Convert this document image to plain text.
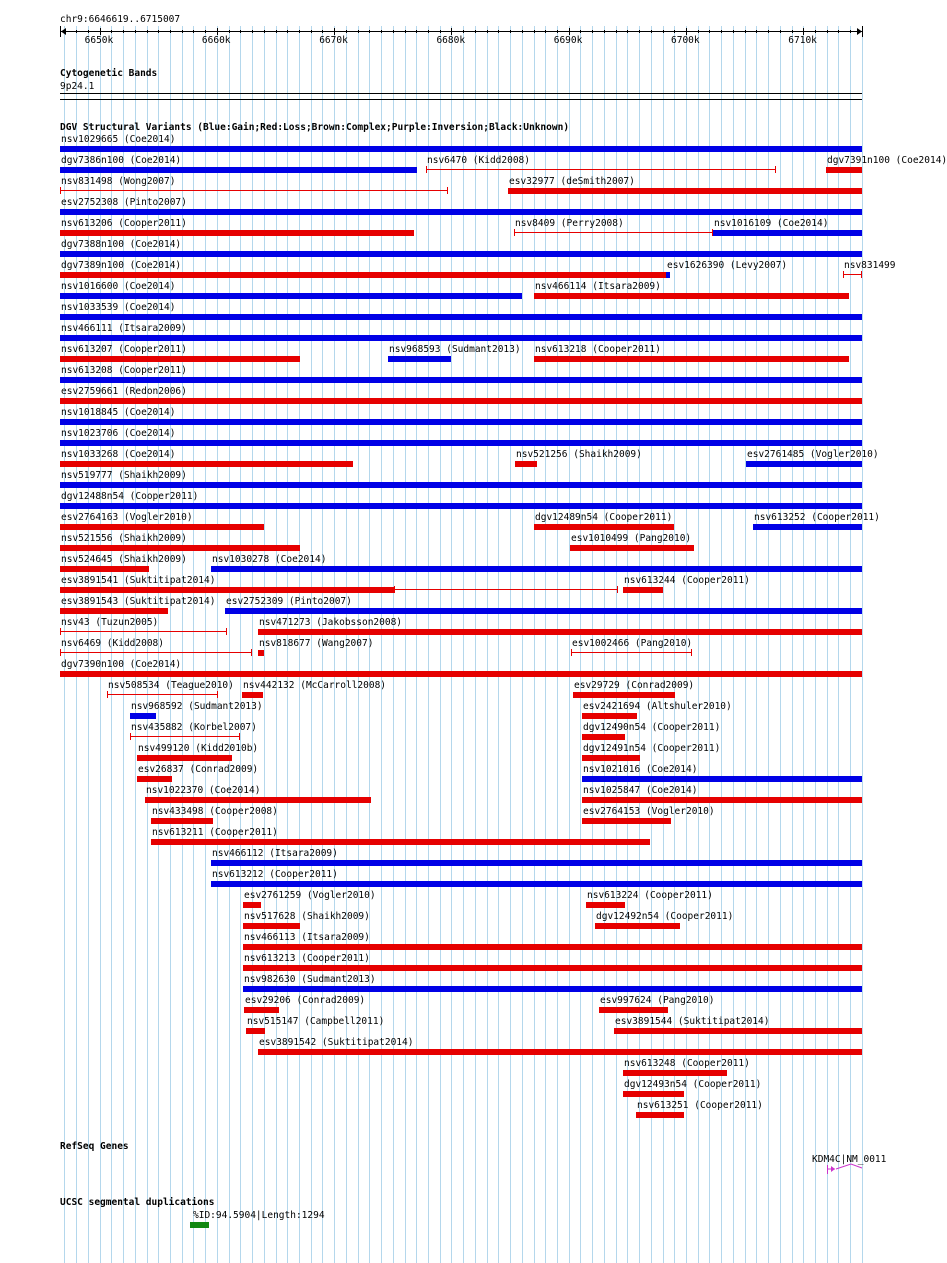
chr9:6646619..6715007
Cytogenetic Bands
9p24.1
DGV Structural Variants (Blue:Gain;Red:Loss;Brown:Complex;Purple:Inversion;Black:Unknown)
RefSeq Genes
KDM4C|NM_0011
UCSC segmental duplications
%ID:94.5904|Length:1294
6650k	6660k	6670k	6680k	6690k	6700k	6710k
nsv1029665 (Coe2014)
dgv7386n100 (Coe2014)	nsv6470 (Kidd2008)	dgv7391n100 (Coe2014)
nsv831498 (Wong2007)	esv32977 (deSmith2007)
esv2752308 (Pinto2007)
nsv613206 (Cooper2011)	nsv8409 (Perry2008)	nsv1016109 (Coe2014)
dgv7388n100 (Coe2014)
dgv7389n100 (Coe2014)	esv1626390 (Levy2007)	nsv831499
nsv1016600 (Coe2014)	nsv466114 (Itsara2009)
nsv1033539 (Coe2014)
nsv466111 (Itsara2009)
nsv613207 (Cooper2011)	nsv968593 (Sudmant2013) nsv613218 (Cooper2011)
nsv613208 (Cooper2011)
esv2759661 (Redon2006)
nsv1018845 (Coe2014)
nsv1023706 (Coe2014)
nsv1033268 (Coe2014)	nsv521256 (Shaikh2009)	esv2761485 (Vogler2010)
nsv519777 (Shaikh2009)
dgv12488n54 (Cooper2011)
esv2764163 (Vogler2010)	dgv12489n54 (Cooper2011)	nsv613252 (Cooper2011)
nsv521556 (Shaikh2009)	esv1010499 (Pang2010)
nsv524645 (Shaikh2009)	nsv1030278 (Coe2014)
esv3891541 (Suktitipat2014)	nsv613244 (Cooper2011)
esv3891543 (Suktitipat2014) esv2752309 (Pinto2007)
nsv43 (Tuzun2005)	nsv471273 (Jakobsson2008)
nsv6469 (Kidd2008)	nsv818677 (Wang2007)	esv1002466 (Pang2010)
dgv7390n100 (Coe2014)
nsv508534 (Teague2010) nsv442132 (McCarroll2008)	esv29729 (Conrad2009)
nsv968592 (Sudmant2013)	esv2421694 (Altshuler2010)
nsv435882 (Korbel2007)	dgv12490n54 (Cooper2011)
nsv499120 (Kidd2010b)	dgv12491n54 (Cooper2011)
esv26837 (Conrad2009)	nsv1021016 (Coe2014)
nsv1022370 (Coe2014)	nsv1025847 (Coe2014)
nsv433498 (Cooper2008)	esv2764153 (Vogler2010)
nsv613211 (Cooper2011)
nsv466112 (Itsara2009)
nsv613212 (Cooper2011)
esv2761259 (Vogler2010)	nsv613224 (Cooper2011)
nsv517628 (Shaikh2009)	dgv12492n54 (Cooper2011)
nsv466113 (Itsara2009)
nsv613213 (Cooper2011)
nsv982630 (Sudmant2013)
esv29206 (Conrad2009)	esv997624 (Pang2010)
nsv515147 (Campbell2011)	esv3891544 (Suktitipat2014)
esv3891542 (Suktitipat2014)
nsv613248 (Cooper2011)
dgv12493n54 (Cooper2011)
nsv613251 (Cooper2011)
